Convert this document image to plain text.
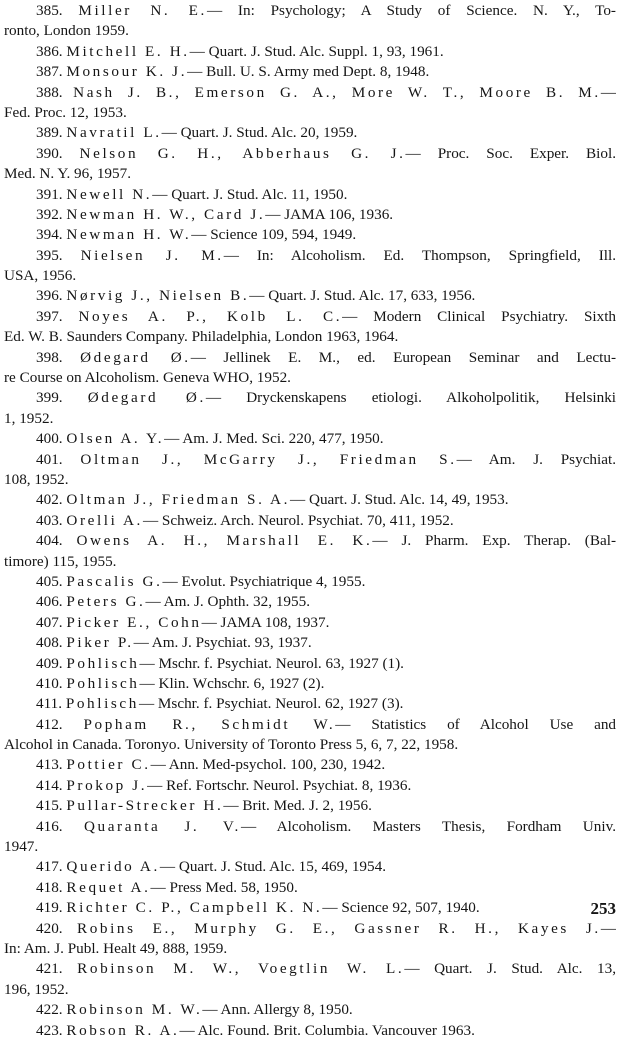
385. Miller N. E.— In: Psychology; A Study of Science. N. Y., To-
ronto, London 1959.
386. Mitchell E. H.— Quart. J. Stud. Alc. Suppl. 1, 93, 1961.
387. Monsour K. J.— Bull. U. S. Army med Dept. 8, 1948.
388. Nash J. B., Emerson G. A., More W. T., Moore B. M.—
Fed. Proc. 12, 1953.
389. Navratil L.— Quart. J. Stud. Alc. 20, 1959.
390. Nelson G. H., Abberhaus G. J.— Proc. Soc. Exper. Biol.
Med. N. Y. 96, 1957.
391. Newell N.— Quart. J. Stud. Alc. 11, 1950.
392. Newman H. W., Card J.— JAMA 106, 1936.
394. Newman H. W.— Science 109, 594, 1949.
395. Nielsen J. M.— In: Alcoholism. Ed. Thompson, Springfield, Ill.
USA, 1956.
396. Nørvig J., Nielsen B.— Quart. J. Stud. Alc. 17, 633, 1956.
397. Noyes A. P., Kolb L. C.— Modern Clinical Psychiatry. Sixth
Ed. W. B. Saunders Company. Philadelphia, London 1963, 1964.
398. Ødegard Ø.— Jellinek E. M., ed. European Seminar and Lectu-
re Course on Alcoholism. Geneva WHO, 1952.
399. Ødegard Ø.— Dryckenskapens etiologi. Alkoholpolitik, Helsinki
1, 1952.
400. Olsen A. Y.— Am. J. Med. Sci. 220, 477, 1950.
401. Oltman J., McGarry J., Friedman S.— Am. J. Psychiat.
108, 1952.
402. Oltman J., Friedman S. A.— Quart. J. Stud. Alc. 14, 49, 1953.
403. Orelli A.— Schweiz. Arch. Neurol. Psychiat. 70, 411, 1952.
404. Owens A. H., Marshall E. K.— J. Pharm. Exp. Therap. (Bal-
timore) 115, 1955.
405. Pascalis G.— Evolut. Psychiatrique 4, 1955.
406. Peters G.— Am. J. Ophth. 32, 1955.
407. Picker E., Cohn— JAMA 108, 1937.
408. Piker P.— Am. J. Psychiat. 93, 1937.
409. Pohlisch— Mschr. f. Psychiat. Neurol. 63, 1927 (1).
410. Pohlisch— Klin. Wchschr. 6, 1927 (2).
411. Pohlisch— Mschr. f. Psychiat. Neurol. 62, 1927 (3).
412. Popham R., Schmidt W.— Statistics of Alcohol Use and
Alcohol in Canada. Toronyo. University of Toronto Press 5, 6, 7, 22, 1958.
413. Pottier C.— Ann. Med-psychol. 100, 230, 1942.
414. Prokop J.— Ref. Fortschr. Neurol. Psychiat. 8, 1936.
415. Pullar-Strecker H.— Brit. Med. J. 2, 1956.
416. Quaranta J. V.— Alcoholism. Masters Thesis, Fordham Univ.
1947.
417. Querido A.— Quart. J. Stud. Alc. 15, 469, 1954.
418. Requet A.— Press Med. 58, 1950.
419. Richter C. P., Campbell K. N.— Science 92, 507, 1940.
420. Robins E., Murphy G. E., Gassner R. H., Kayes J.—
In: Am. J. Publ. Healt 49, 888, 1959.
421. Robinson M. W., Voegtlin W. L.— Quart. J. Stud. Alc. 13,
196, 1952.
422. Robinson M. W.— Ann. Allergy 8, 1950.
423. Robson R. A.— Alc. Found. Brit. Columbia. Vancouver 1963.
253
